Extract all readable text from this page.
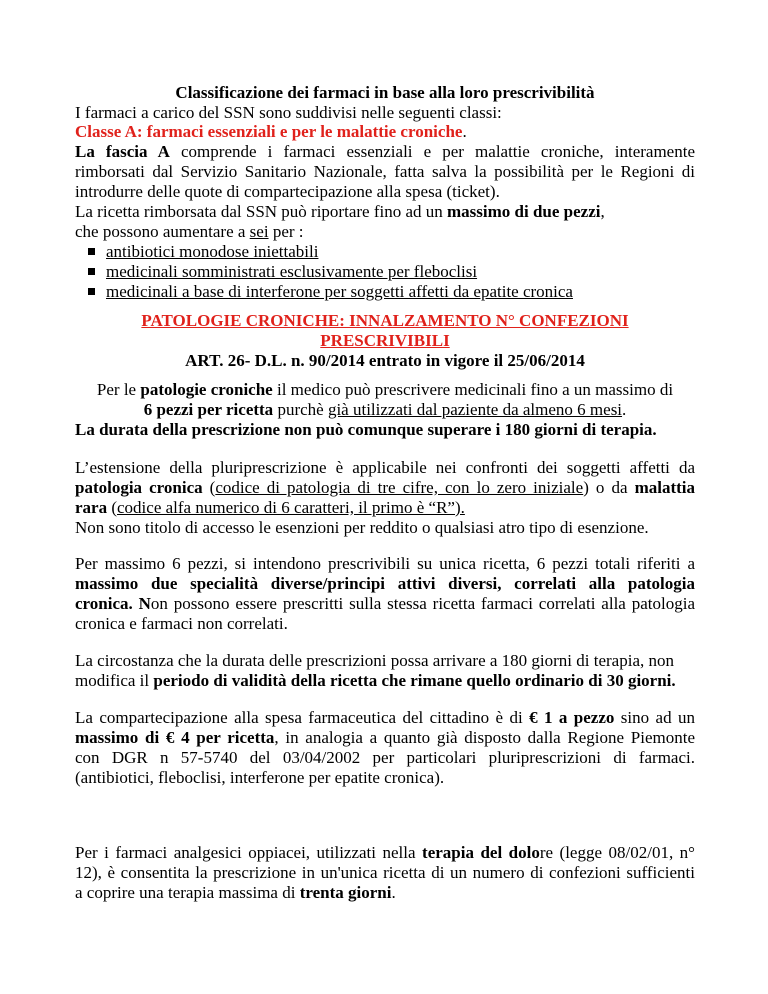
Classificazione dei farmaci in base alla loro prescrivibilità
I farmaci a carico del SSN sono suddivisi nelle seguenti classi:
Classe A: farmaci essenziali e per le malattie croniche.
La fascia A comprende i farmaci essenziali e per malattie croniche, interamente
rimborsati dal Servizio Sanitario Nazionale, fatta salva la possibilità per le Regioni di
introdurre delle quote di compartecipazione alla spesa (ticket).
La ricetta rimborsata dal SSN può riportare fino ad un massimo di due pezzi,
che possono aumentare a sei per :
antibiotici monodose iniettabili
medicinali somministrati esclusivamente per fleboclisi
medicinali a base di interferone per soggetti affetti da epatite cronica
PATOLOGIE CRONICHE: INNALZAMENTO N° CONFEZIONI
PRESCRIVIBILI
ART. 26- D.L. n. 90/2014 entrato in vigore il 25/06/2014
Per le patologie croniche il medico può prescrivere medicinali fino a un massimo di
6 pezzi per ricetta purchè già utilizzati dal paziente da almeno 6 mesi.
La durata della prescrizione non può comunque superare i 180 giorni di terapia.
L’estensione della pluriprescrizione è applicabile nei confronti dei soggetti affetti da
patologia cronica (codice di patologia di tre cifre, con lo zero iniziale) o da malattia
rara (codice alfa numerico di 6 caratteri, il primo è “R”).
Non sono titolo di accesso le esenzioni per reddito o qualsiasi atro tipo di esenzione.
Per massimo 6 pezzi, si intendono prescrivibili su unica ricetta, 6 pezzi totali riferiti a
massimo due specialità diverse/principi attivi diversi, correlati alla patologia
cronica. Non possono essere prescritti sulla stessa ricetta farmaci correlati alla patologia
cronica e farmaci non correlati.
La circostanza che la durata delle prescrizioni possa arrivare a 180 giorni di terapia, non
modifica il periodo di validità della ricetta che rimane quello ordinario di 30 giorni.
La compartecipazione alla spesa farmaceutica del cittadino è di € 1 a pezzo sino ad un
massimo di € 4 per ricetta, in analogia a quanto già disposto dalla Regione Piemonte
con DGR n 57-5740 del 03/04/2002 per particolari pluriprescrizioni di farmaci.
(antibiotici, fleboclisi, interferone per epatite cronica).
Per i farmaci analgesici oppiacei, utilizzati nella terapia del dolore (legge 08/02/01, n°
12), è consentita la prescrizione in un'unica ricetta di un numero di confezioni sufficienti
a coprire una terapia massima di trenta giorni.
